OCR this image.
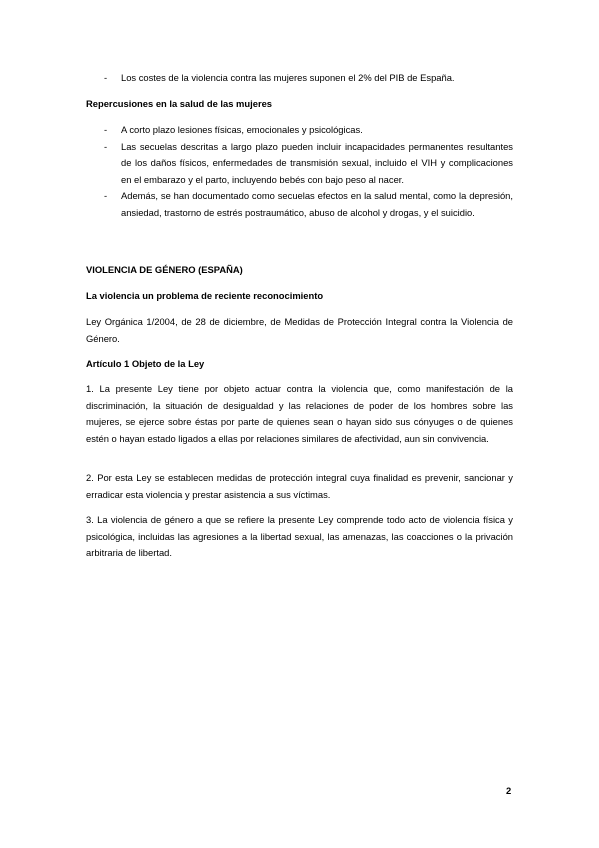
- Los costes de la violencia contra las mujeres suponen el 2% del PIB de España.

Repercusiones en la salud de las mujeres

- A corto plazo lesiones físicas, emocionales y psicológicas.
- Las secuelas descritas a largo plazo pueden incluir incapacidades permanentes resultantes de los daños físicos, enfermedades de transmisión sexual, incluido el VIH y complicaciones en el embarazo y el parto, incluyendo bebés con bajo peso al nacer.
- Además, se han documentado como secuelas efectos en la salud mental, como la depresión, ansiedad, trastorno de estrés postraumático, abuso de alcohol y drogas, y el suicidio.

VIOLENCIA DE GÉNERO (ESPAÑA)

La violencia un problema de reciente reconocimiento

Ley Orgánica 1/2004, de 28 de diciembre, de Medidas de Protección Integral contra la Violencia de Género.

Artículo 1 Objeto de la Ley

1. La presente Ley tiene por objeto actuar contra la violencia que, como manifestación de la discriminación, la situación de desigualdad y las relaciones de poder de los hombres sobre las mujeres, se ejerce sobre éstas por parte de quienes sean o hayan sido sus cónyuges o de quienes estén o hayan estado ligados a ellas por relaciones similares de afectividad, aun sin convivencia.

2. Por esta Ley se establecen medidas de protección integral cuya finalidad es prevenir, sancionar y erradicar esta violencia y prestar asistencia a sus víctimas.

3. La violencia de género a que se refiere la presente Ley comprende todo acto de violencia física y psicológica, incluidas las agresiones a la libertad sexual, las amenazas, las coacciones o la privación arbitraria de libertad.

2
